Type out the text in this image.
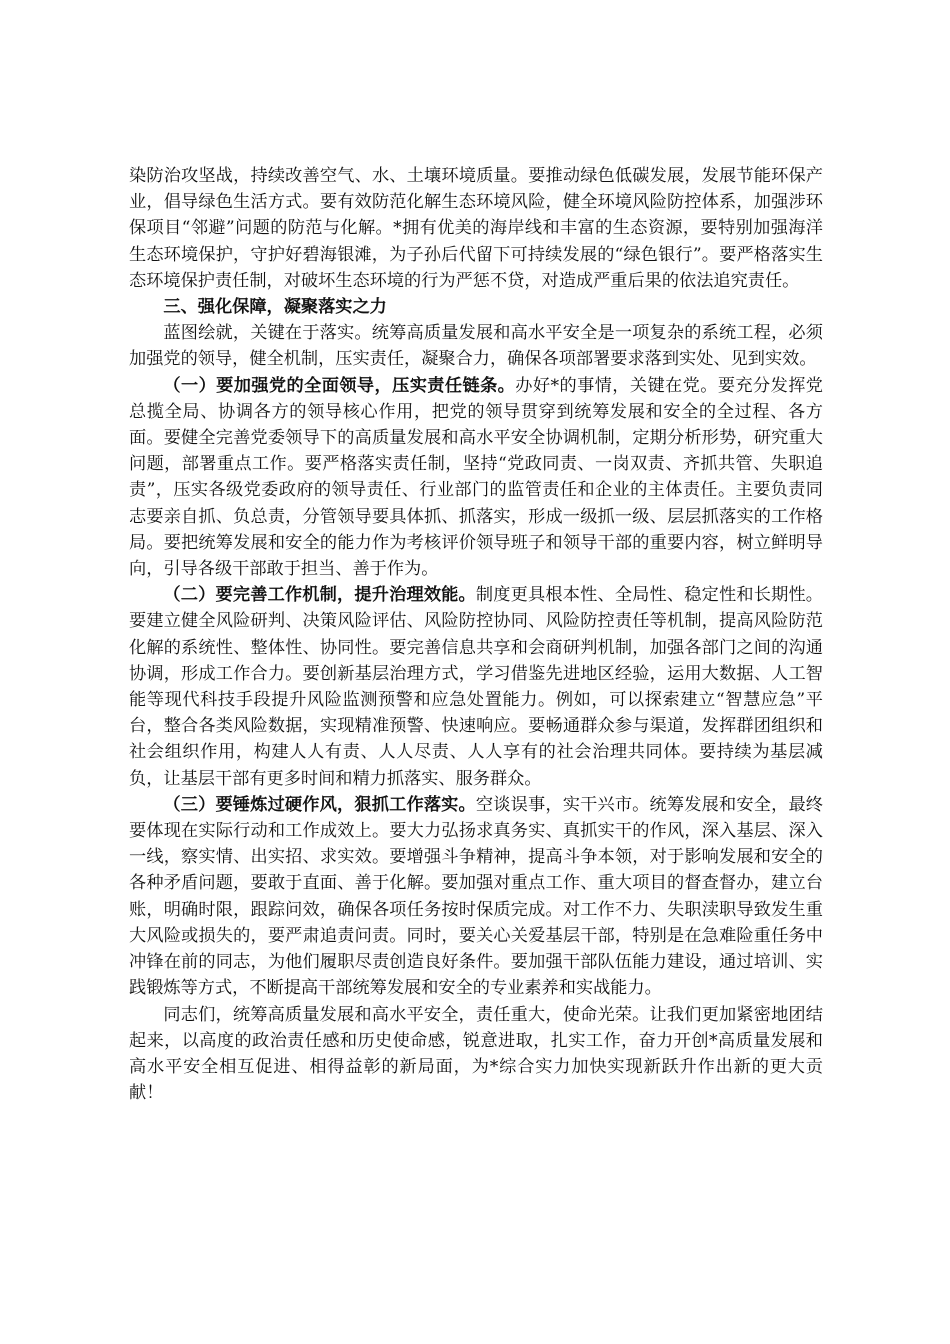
染防治攻坚战，持续改善空气、水、土壤环境质量。要推动绿色低碳发展，发展节能环保产业，倡导绿色生活方式。要有效防范化解生态环境风险，健全环境风险防控体系，加强涉环保项目“邻避”问题的防范与化解。*拥有优美的海岸线和丰富的生态资源，要特别加强海洋生态环境保护，守护好碧海银滩，为子孙后代留下可持续发展的“绿色银行”。要严格落实生态环境保护责任制，对破坏生态环境的行为严惩不贷，对造成严重后果的依法追究责任。

三、强化保障，凝聚落实之力

蓝图绘就，关键在于落实。统筹高质量发展和高水平安全是一项复杂的系统工程，必须加强党的领导，健全机制，压实责任，凝聚合力，确保各项部署要求落到实处、见到实效。

（一）要加强党的全面领导，压实责任链条。办好*的事情，关键在党。要充分发挥党总揽全局、协调各方的领导核心作用，把党的领导贯穿到统筹发展和安全的全过程、各方面。要健全完善党委领导下的高质量发展和高水平安全协调机制，定期分析形势，研究重大问题，部署重点工作。要严格落实责任制，坚持“党政同责、一岗双责、齐抓共管、失职追责”，压实各级党委政府的领导责任、行业部门的监管责任和企业的主体责任。主要负责同志要亲自抓、负总责，分管领导要具体抓、抓落实，形成一级抓一级、层层抓落实的工作格局。要把统筹发展和安全的能力作为考核评价领导班子和领导干部的重要内容，树立鲜明导向，引导各级干部敢于担当、善于作为。

（二）要完善工作机制，提升治理效能。制度更具根本性、全局性、稳定性和长期性。要建立健全风险研判、决策风险评估、风险防控协同、风险防控责任等机制，提高风险防范化解的系统性、整体性、协同性。要完善信息共享和会商研判机制，加强各部门之间的沟通协调，形成工作合力。要创新基层治理方式，学习借鉴先进地区经验，运用大数据、人工智能等现代科技手段提升风险监测预警和应急处置能力。例如，可以探索建立“智慧应急”平台，整合各类风险数据，实现精准预警、快速响应。要畅通群众参与渠道，发挥群团组织和社会组织作用，构建人人有责、人人尽责、人人享有的社会治理共同体。要持续为基层减负，让基层干部有更多时间和精力抓落实、服务群众。

（三）要锤炼过硬作风，狠抓工作落实。空谈误事，实干兴市。统筹发展和安全，最终要体现在实际行动和工作成效上。要大力弘扬求真务实、真抓实干的作风，深入基层、深入一线，察实情、出实招、求实效。要增强斗争精神，提高斗争本领，对于影响发展和安全的各种矛盾问题，要敢于直面、善于化解。要加强对重点工作、重大项目的督查督办，建立台账，明确时限，跟踪问效，确保各项任务按时保质完成。对工作不力、失职渎职导致发生重大风险或损失的，要严肃追责问责。同时，要关心关爱基层干部，特别是在急难险重任务中冲锋在前的同志，为他们履职尽责创造良好条件。要加强干部队伍能力建设，通过培训、实践锻炼等方式，不断提高干部统筹发展和安全的专业素养和实战能力。

同志们，统筹高质量发展和高水平安全，责任重大，使命光荣。让我们更加紧密地团结起来，以高度的政治责任感和历史使命感，锐意进取，扎实工作，奋力开创*高质量发展和高水平安全相互促进、相得益彰的新局面，为*综合实力加快实现新跃升作出新的更大贡献！
